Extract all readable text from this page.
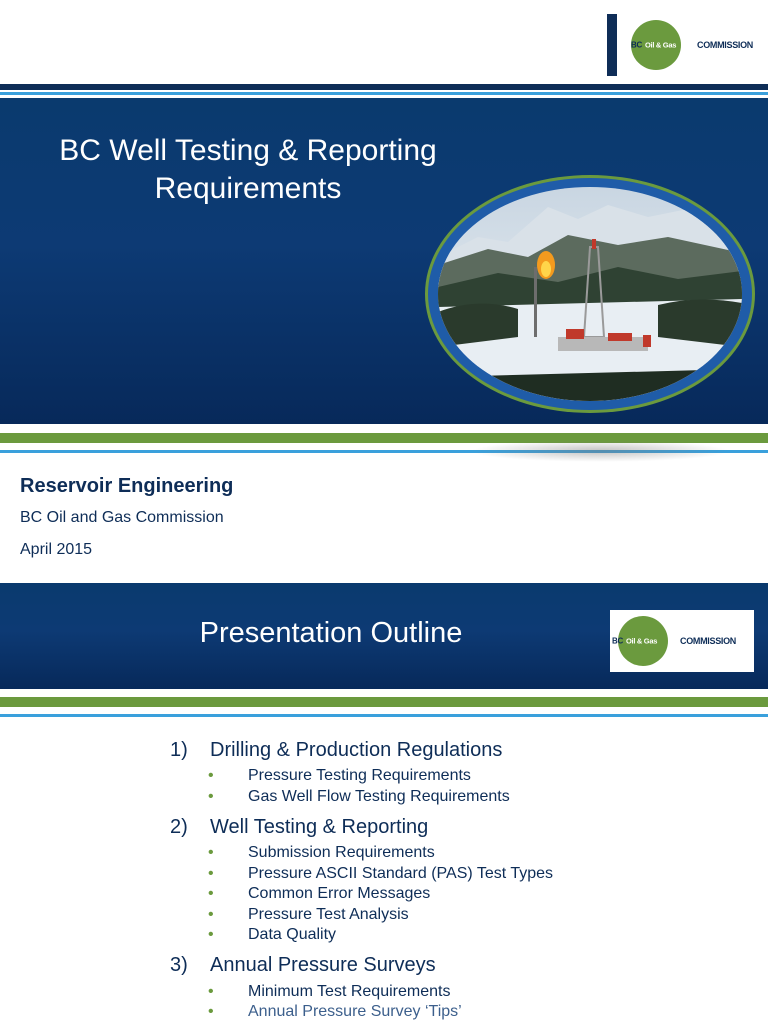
BC Oil & Gas COMMISSION
BC Well Testing & Reporting Requirements
Reservoir Engineering
BC Oil and Gas Commission
April 2015
Presentation Outline	BC Oil & Gas	COMMISSION
1)	Drilling & Production Regulations
• Pressure Testing Requirements
• Gas Well Flow Testing Requirements
2)	Well Testing & Reporting
• Submission Requirements
• Pressure ASCII Standard (PAS) Test Types
• Common Error Messages
• Pressure Test Analysis
• Data Quality
3)	Annual Pressure Surveys
• Minimum Test Requirements
• Annual Pressure Survey ‘Tips’
